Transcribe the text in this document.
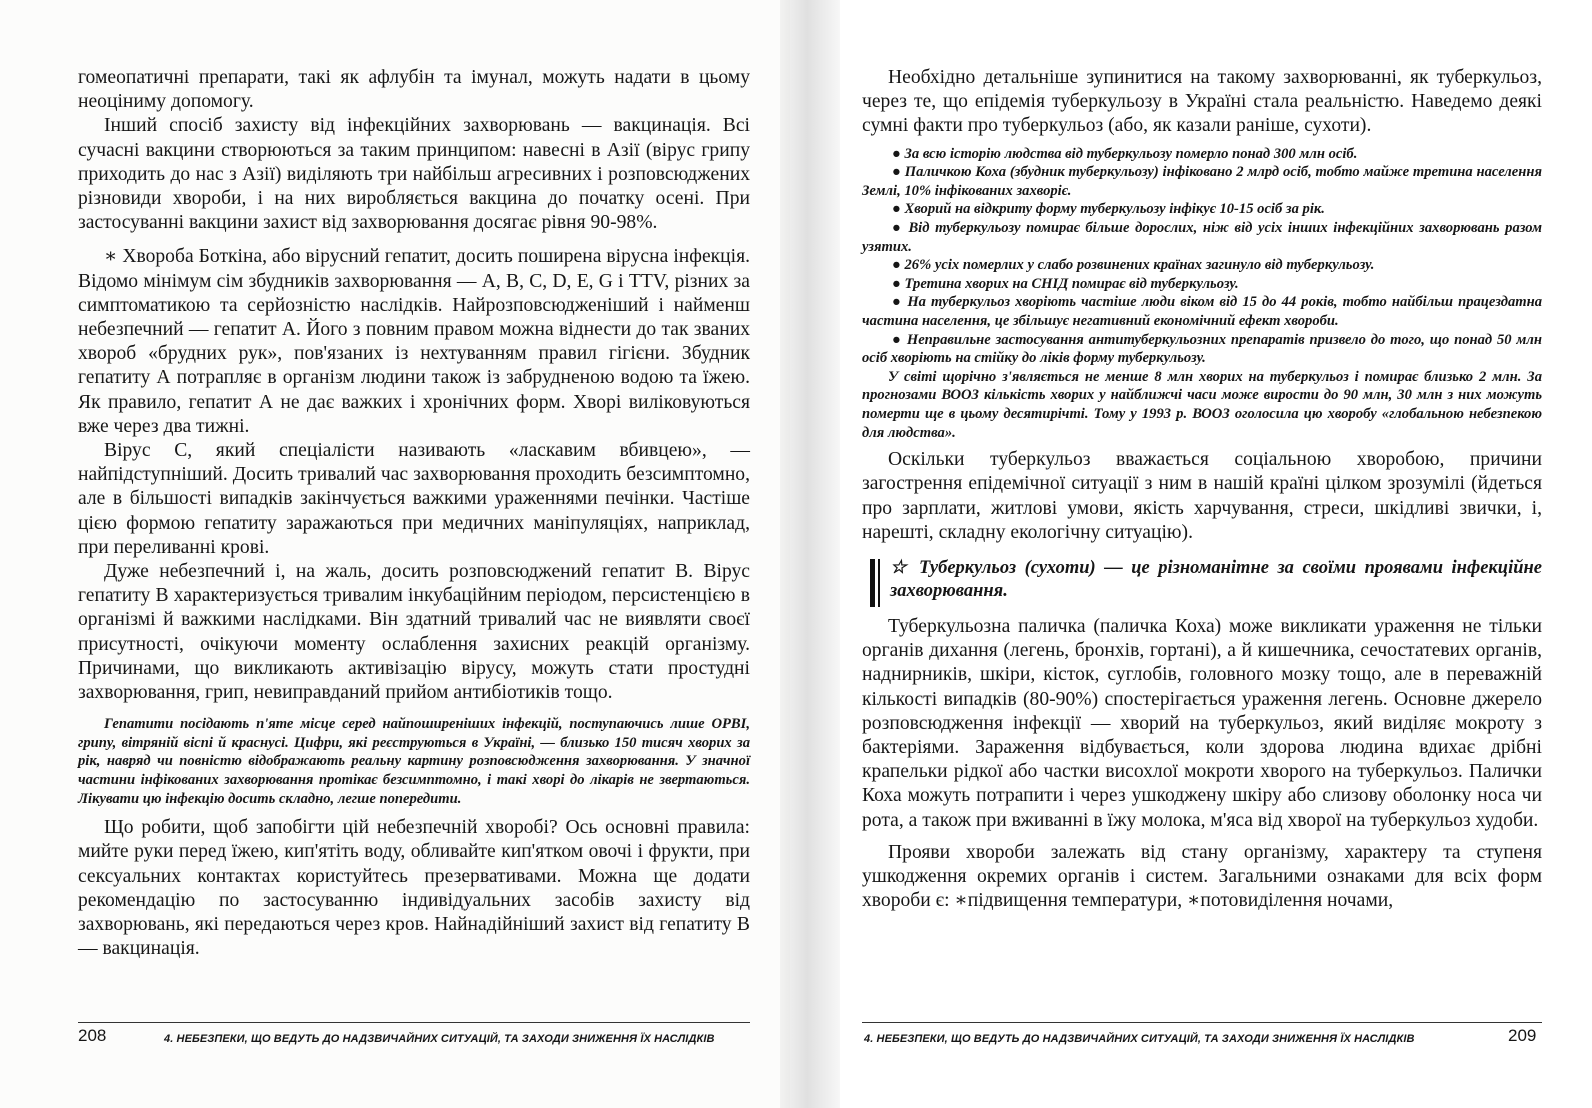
гомеопатичні препарати, такі як афлубін та імунал, можуть надати в цьому неоціниму допомогу.

Інший спосіб захисту від інфекційних захворювань — вакцинація. Всі сучасні вакцини створюються за таким принципом: навесні в Азії (вірус грипу приходить до нас з Азії) виділяють три найбільш агресивних і розповсюджених різновиди хвороби, і на них виробляється вакцина до початку осені. При застосуванні вакцини захист від захворювання досягає рівня 90-98%.

∗ Хвороба Боткіна, або вірусний гепатит, досить поширена вірусна інфекція. Відомо мінімум сім збудників захворювання — А, В, С, D, Е, G і TTV, різних за симптоматикою та серйозністю наслідків. Найрозповсюдженіший і найменш небезпечний — гепатит А. Його з повним правом можна віднести до так званих хвороб «брудних рук», пов'язаних із нехтуванням правил гігієни. Збудник гепатиту А потрапляє в організм людини також із забрудненою водою та їжею. Як правило, гепатит А не дає важких і хронічних форм. Хворі виліковуються вже через два тижні.

Вірус С, який спеціалісти називають «ласкавим вбивцею», — найпідступніший. Досить тривалий час захворювання проходить безсимптомно, але в більшості випадків закінчується важкими ураженнями печінки. Частіше цією формою гепатиту заражаються при медичних маніпуляціях, наприклад, при переливанні крові.

Дуже небезпечний і, на жаль, досить розповсюджений гепатит В. Вірус гепатиту В характеризується тривалим інкубаційним періодом, персистенцією в організмі й важкими наслідками. Він здатний тривалий час не виявляти своєї присутності, очікуючи моменту ослаблення захисних реакцій організму. Причинами, що викликають активізацію вірусу, можуть стати простудні захворювання, грип, невиправданий прийом антибіотиків тощо.

Гепатити посідають п'яте місце серед найпоширеніших інфекцій, поступаючись лише ОРВІ, грипу, вітряній віспі й краснусі. Цифри, які реєструються в Україні, — близько 150 тисяч хворих за рік, навряд чи повністю відображають реальну картину розповсюдження захворювання. У значної частини інфікованих захворювання протікає безсимптомно, і такі хворі до лікарів не звертаються. Лікувати цю інфекцію досить складно, легше попередити.

Що робити, щоб запобігти цій небезпечній хворобі? Ось основні правила: мийте руки перед їжею, кип'ятіть воду, обливайте кип'ятком овочі і фрукти, при сексуальних контактах користуйтесь презервативами. Можна ще додати рекомендацію по застосуванню індивідуальних засобів захисту від захворювань, які передаються через кров. Найнадійніший захист від гепатиту В — вакцинація.

208	4. НЕБЕЗПЕКИ, ЩО ВЕДУТЬ ДО НАДЗВИЧАЙНИХ СИТУАЦІЙ, ТА ЗАХОДИ ЗНИЖЕННЯ ЇХ НАСЛІДКІВ

Необхідно детальніше зупинитися на такому захворюванні, як туберкульоз, через те, що епідемія туберкульозу в Україні стала реальністю. Наведемо деякі сумні факти про туберкульоз (або, як казали раніше, сухоти).

● За всю історію людства від туберкульозу померло понад 300 млн осіб.

● Паличкою Коха (збудник туберкульозу) інфіковано 2 млрд осіб, тобто майже третина населення Землі, 10% інфікованих захворіє.

● Хворий на відкриту форму туберкульозу інфікує 10-15 осіб за рік.

● Від туберкульозу помирає більше дорослих, ніж від усіх інших інфекційних захворювань разом узятих.

● 26% усіх померлих у слабо розвинених країнах загинуло від туберкульозу.

● Третина хворих на СНІД помирає від туберкульозу.

● На туберкульоз хворіють частіше люди віком від 15 до 44 років, тобто найбільш працездатна частина населення, це збільшує негативний економічний ефект хвороби.

● Неправильне застосування антитуберкульозних препаратів призвело до того, що понад 50 млн осіб хворіють на стійку до ліків форму туберкульозу.

У світі щорічно з'являється не менше 8 млн хворих на туберкульоз і помирає близько 2 млн. За прогнозами ВООЗ кількість хворих у найближчі часи може вирости до 90 млн, 30 млн з них можуть померти ще в цьому десятирічті. Тому у 1993 р. ВООЗ оголосила цю хворобу «глобальною небезпекою для людства».

Оскільки туберкульоз вважається соціальною хворобою, причини загострення епідемічної ситуації з ним в нашій країні цілком зрозумілі (йдеться про зарплати, житлові умови, якість харчування, стреси, шкідливі звички, і, нарешті, складну екологічну ситуацію).

☆ Туберкульоз (сухоти) — це різноманітне за своїми проявами інфекційне захворювання.

Туберкульозна паличка (паличка Коха) може викликати ураження не тільки органів дихання (легень, бронхів, гортані), а й кишечника, сечостатевих органів, наднирників, шкіри, кісток, суглобів, головного мозку тощо, але в переважній кількості випадків (80-90%) спостерігається ураження легень. Основне джерело розповсюдження інфекції — хворий на туберкульоз, який виділяє мокроту з бактеріями. Зараження відбувається, коли здорова людина вдихає дрібні крапельки рідкої або частки висохлої мокроти хворого на туберкульоз. Палички Коха можуть потрапити і через ушкоджену шкіру або слизову оболонку носа чи рота, а також при вживанні в їжу молока, м'яса від хворої на туберкульоз худоби.

Прояви хвороби залежать від стану організму, характеру та ступеня ушкодження окремих органів і систем. Загальними ознаками для всіх форм хвороби є: ∗підвищення температури, ∗потовиділення ночами,

4. НЕБЕЗПЕКИ, ЩО ВЕДУТЬ ДО НАДЗВИЧАЙНИХ СИТУАЦІЙ, ТА ЗАХОДИ ЗНИЖЕННЯ ЇХ НАСЛІДКІВ	209
